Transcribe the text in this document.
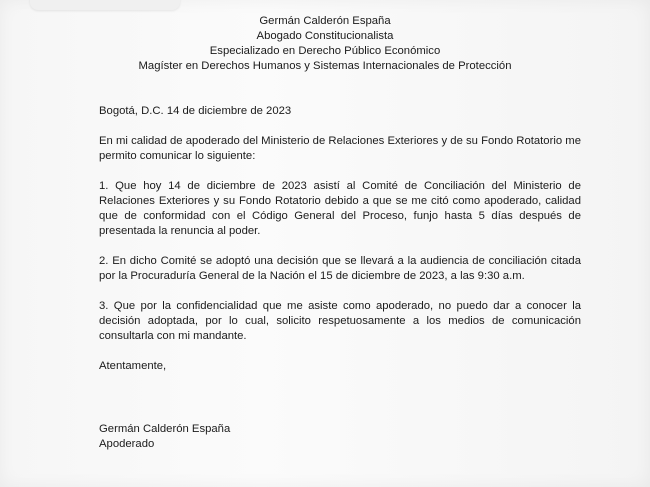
Germán Calderón España
Abogado Constitucionalista
Especializado en Derecho Público Económico
Magíster en Derechos Humanos y Sistemas Internacionales de Protección

Bogotá, D.C. 14 de diciembre de 2023

En mi calidad de apoderado del Ministerio de Relaciones Exteriores y de su Fondo Rotatorio me permito comunicar lo siguiente:

1. Que hoy 14 de diciembre de 2023 asistí al Comité de Conciliación del Ministerio de Relaciones Exteriores y su Fondo Rotatorio debido a que se me citó como apoderado, calidad que de conformidad con el Código General del Proceso, funjo hasta 5 días después de presentada la renuncia al poder.

2. En dicho Comité se adoptó una decisión que se llevará a la audiencia de conciliación citada por la Procuraduría General de la Nación el 15 de diciembre de 2023, a las 9:30 a.m.

3. Que por la confidencialidad que me asiste como apoderado, no puedo dar a conocer la decisión adoptada, por lo cual, solicito respetuosamente a los medios de comunicación consultarla con mi mandante.

Atentamente,

Germán Calderón España

Apoderado
